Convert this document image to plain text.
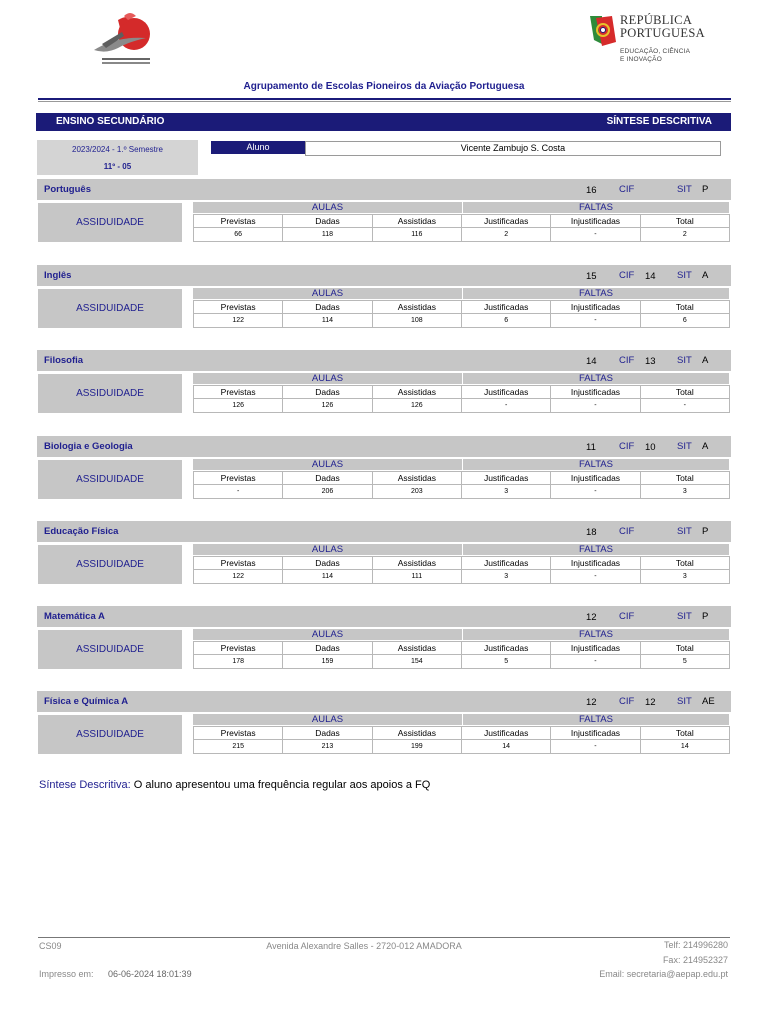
REPÚBLICA
PORTUGUESA
EDUCAÇÃO, CIÊNCIA
E INOVAÇÃO
Agrupamento de Escolas Pioneiros da Aviação Portuguesa
ENSINO SECUNDÁRIO	SÍNTESE DESCRITIVA
2023/2024 - 1.º Semestre
11º - 05
Aluno	Vicente Zambujo S. Costa
Português	16 CIF	SIT P
ASSIDUIDADE
AULAS	FALTAS
Previstas	Dadas	Assistidas	Justificadas	Injustificadas	Total
66	118	116	2	-	2
Inglês	15 CIF 14 SIT A
ASSIDUIDADE
AULAS	FALTAS
Previstas	Dadas	Assistidas	Justificadas	Injustificadas	Total
122	114	108	6	-	6
Filosofia	14 CIF 13 SIT A
ASSIDUIDADE
AULAS	FALTAS
Previstas	Dadas	Assistidas	Justificadas	Injustificadas	Total
126	126	126	-	-	-
Biologia e Geologia	11 CIF 10 SIT A
ASSIDUIDADE
AULAS	FALTAS
Previstas	Dadas	Assistidas	Justificadas	Injustificadas	Total
-	206	203	3	-	3
Educação Física	18 CIF	SIT P
ASSIDUIDADE
AULAS	FALTAS
Previstas	Dadas	Assistidas	Justificadas	Injustificadas	Total
122	114	111	3	-	3
Matemática A	12 CIF	SIT P
ASSIDUIDADE
AULAS	FALTAS
Previstas	Dadas	Assistidas	Justificadas	Injustificadas	Total
178	159	154	5	-	5
Física e Química A	12 CIF 12 SIT AE
ASSIDUIDADE
AULAS	FALTAS
Previstas	Dadas	Assistidas	Justificadas	Injustificadas	Total
215	213	199	14	-	14
Síntese Descritiva: O aluno apresentou uma frequência regular aos apoios a FQ
CS09	Avenida Alexandre Salles - 2720-012 AMADORA	Telf: 214996280
Fax: 214952327
Email: secretaria@aepap.edu.pt
Impresso em: 06-06-2024 18:01:39
